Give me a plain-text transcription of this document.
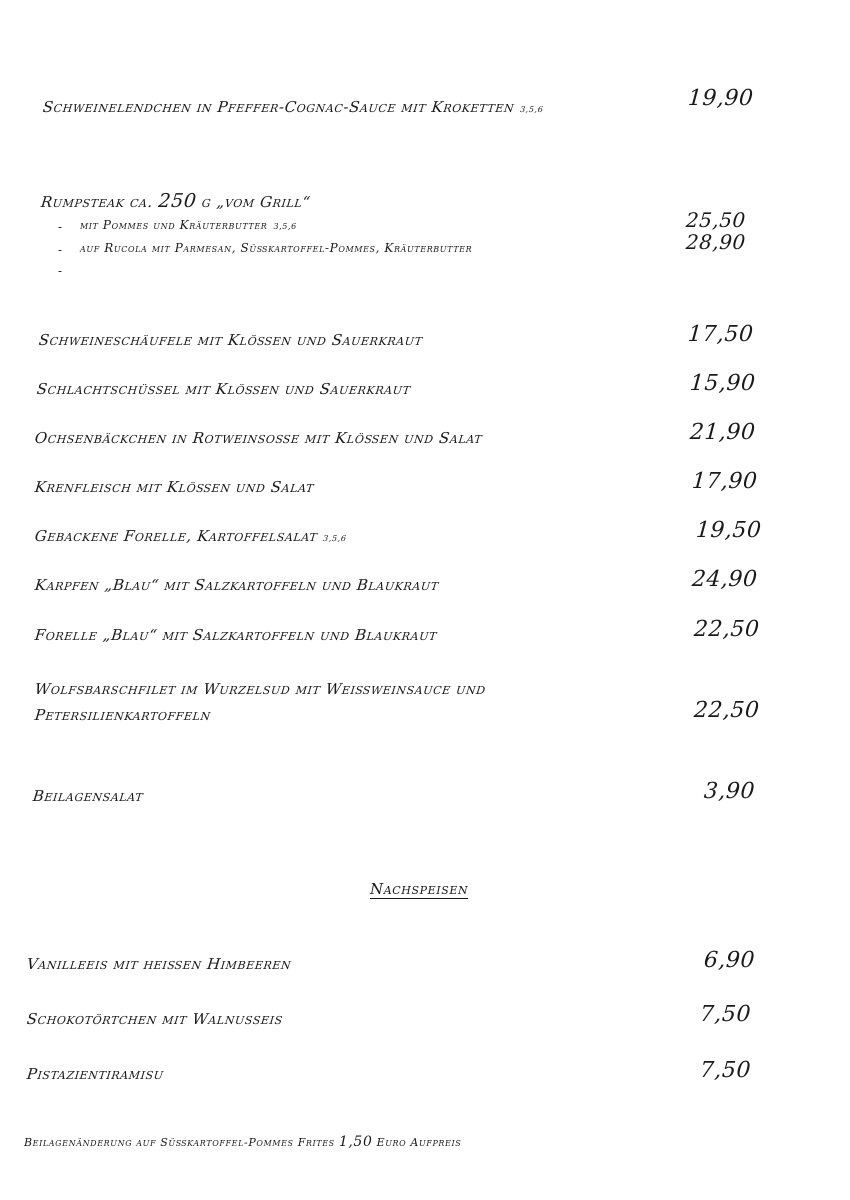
Schweinelendchen in Pfeffer-Cognac-Sauce mit Kroketten 3,5,6	19,90
Rumpsteak ca. 250 g „vom Grill“
- mit Pommes und Kräuterbutter 3,5,6	25,50
- auf Rucola mit Parmesan, Süßkartoffel-Pommes, Kräuterbutter	28,90
-
Schweineschäufele mit Klößen und Sauerkraut	17,50
Schlachtschüssel mit Klößen und Sauerkraut	15,90
Ochsenbäckchen in Rotweinsoße mit Klößen und Salat	21,90
Krenfleisch mit Klößen und Salat	17,90
Gebackene Forelle, Kartoffelsalat 3,5,6	19,50
Karpfen „Blau“ mit Salzkartoffeln und Blaukraut	24,90
Forelle „Blau“ mit Salzkartoffeln und Blaukraut	22,50
Wolfsbarschfilet im Wurzelsud mit Weißweinsauce und
Petersilienkartoffeln	22,50
Beilagensalat	3,90
Nachspeisen
Vanilleeis mit heißen Himbeeren	6,90
Schokotörtchen mit Walnusseis	7,50
Pistazientiramisu	7,50
Beilagenänderung auf Süßkartoffel-Pommes Frites 1,50 Euro Aufpreis
